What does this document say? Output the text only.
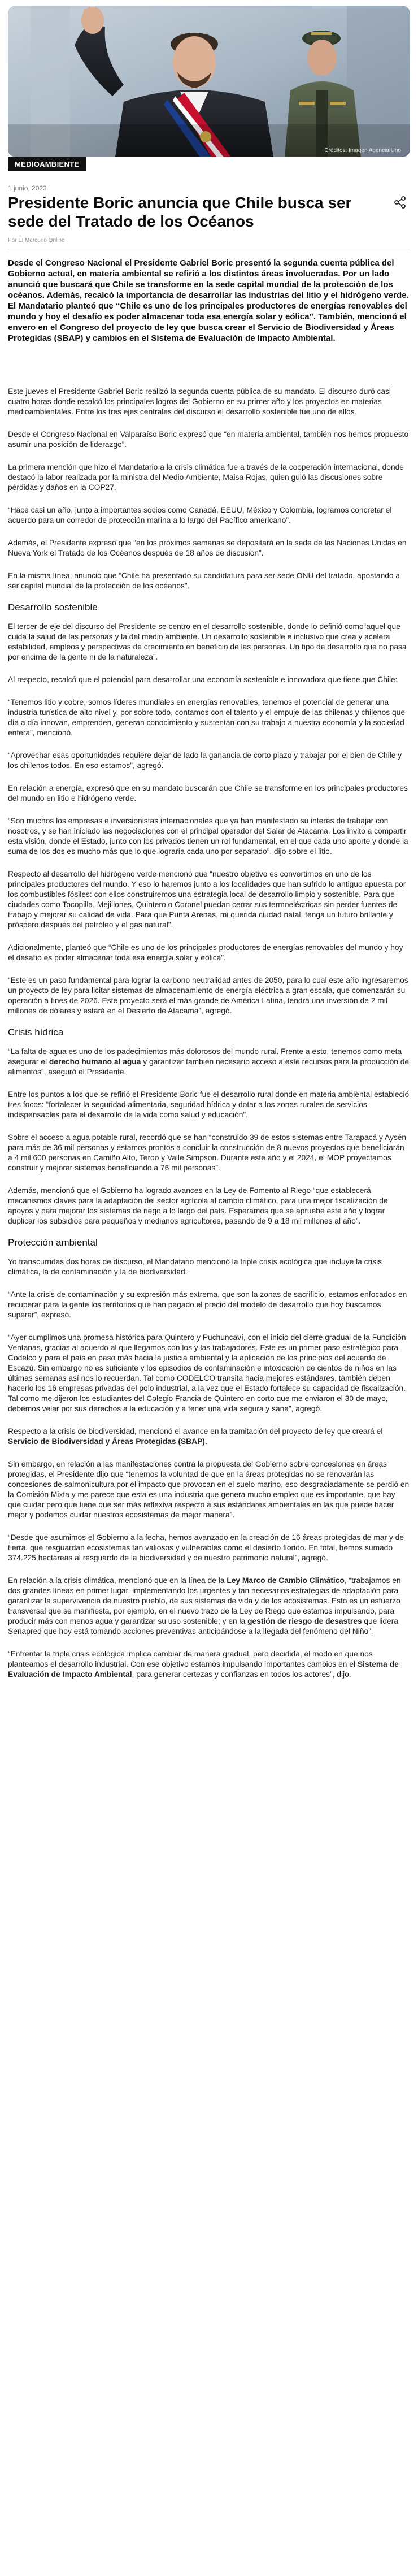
Créditos: Imagen Agencia Uno
MEDIOAMBIENTE
1 junio, 2023
Presidente Boric anuncia que Chile busca ser sede del Tratado de los Océanos
Por El Mercurio Online

Desde el Congreso Nacional el Presidente Gabriel Boric presentó la segunda cuenta pública del Gobierno actual, en materia ambiental se refirió a los distintos áreas involucradas. Por un lado anunció que buscará que Chile se transforme en la sede capital mundial de la protección de los océanos. Además, recalcó la importancia de desarrollar las industrias del litio y el hidrógeno verde. El Mandatario planteó que “Chile es uno de los principales productores de energías renovables del mundo y hoy el desafío es poder almacenar toda esa energía solar y eólica”. También, mencionó el envero en el Congreso del proyecto de ley que busca crear el Servicio de Biodiversidad y Áreas Protegidas (SBAP) y cambios en el Sistema de Evaluación de Impacto Ambiental.

Este jueves el Presidente Gabriel Boric realizó la segunda cuenta pública de su mandato. El discurso duró casi cuatro horas donde recalcó los principales logros del Gobierno en su primer año y los proyectos en materias medioambientales. Entre los tres ejes centrales del discurso el desarrollo sostenible fue uno de ellos.

Desde el Congreso Nacional en Valparaíso Boric expresó que “en materia ambiental, también nos hemos propuesto asumir una posición de liderazgo”.

La primera mención que hizo el Mandatario a la crisis climática fue a través de la cooperación internacional, donde destacó la labor realizada por la ministra del Medio Ambiente, Maisa Rojas, quien guió las discusiones sobre pérdidas y daños en la COP27.

“Hace casi un año, junto a importantes socios como Canadá, EEUU, México y Colombia, logramos concretar el acuerdo para un corredor de protección marina a lo largo del Pacífico americano”.

Además, el Presidente expresó que “en los próximos semanas se depositará en la sede de las Naciones Unidas en Nueva York el Tratado de los Océanos después de 18 años de discusión”.

En la misma línea, anunció que “Chile ha presentado su candidatura para ser sede ONU del tratado, apostando a ser capital mundial de la protección de los océanos”.

Desarrollo sostenible

El tercer de eje del discurso del Presidente se centro en el desarrollo sostenible, donde lo definió como“aquel que cuida la salud de las personas y la del medio ambiente. Un desarrollo sostenible e inclusivo que crea y acelera estabilidad, empleos y perspectivas de crecimiento en beneficio de las personas. Un tipo de desarrollo que no pasa por encima de la gente ni de la naturaleza”.

Al respecto, recalcó que el potencial para desarrollar una economía sostenible e innovadora que tiene que Chile:

“Tenemos litio y cobre, somos líderes mundiales en energías renovables, tenemos el potencial de generar una industria turística de alto nivel y, por sobre todo, contamos con el talento y el empuje de las chilenas y chilenos que día a día innovan, emprenden, generan conocimiento y sustentan con su trabajo a nuestra economía y la sociedad entera”, mencionó.

“Aprovechar esas oportunidades requiere dejar de lado la ganancia de corto plazo y trabajar por el bien de Chile y los chilenos todos. En eso estamos”, agregó.

En relación a energía, expresó que en su mandato buscarán que Chile se transforme en los principales productores del mundo en litio e hidrógeno verde.

“Son muchos los empresas e inversionistas internacionales que ya han manifestado su interés de trabajar con nosotros, y se han iniciado las negociaciones con el principal operador del Salar de Atacama. Los invito a compartir esta visión, donde el Estado, junto con los privados tienen un rol fundamental, en el que cada uno aporte y donde la suma de los dos es mucho más que lo que lograría cada uno por separado”, dijo sobre el litio.

Respecto al desarrollo del hidrógeno verde mencionó que “nuestro objetivo es convertirnos en uno de los principales productores del mundo. Y eso lo haremos junto a los localidades que han sufrido lo antiguo apuesta por los combustibles fósiles: con ellos construiremos una estrategia local de desarrollo limpio y sostenible. Para que ciudades como Tocopilla, Mejillones, Quintero o Coronel puedan cerrar sus termoeléctricas sin perder fuentes de trabajo y mejorar su calidad de vida. Para que Punta Arenas, mi querida ciudad natal, tenga un futuro brillante y próspero después del petróleo y el gas natural”.

Adicionalmente, planteó que “Chile es uno de los principales productores de energías renovables del mundo y hoy el desafío es poder almacenar toda esa energía solar y eólica”.

“Este es un paso fundamental para lograr la carbono neutralidad antes de 2050, para lo cual este año ingresaremos un proyecto de ley para licitar sistemas de almacenamiento de energía eléctrica a gran escala, que comenzarán su operación a fines de 2026. Este proyecto será el más grande de América Latina, tendrá una inversión de 2 mil millones de dólares y estará en el Desierto de Atacama”, agregó.

Crisis hídrica

“La falta de agua es uno de los padecimientos más dolorosos del mundo rural. Frente a esto, tenemos como meta asegurar el derecho humano al agua y garantizar también necesario acceso a este recursos para la producción de alimentos”, aseguró el Presidente.

Entre los puntos a los que se refirió el Presidente Boric fue el desarrollo rural donde en materia ambiental estableció tres focos: “fortalecer la seguridad alimentaria, seguridad hídrica y dotar a los zonas rurales de servicios indispensables para el desarrollo de la vida como salud y educación”.

Sobre el acceso a agua potable rural, recordó que se han “construido 39 de estos sistemas entre Tarapacá y Aysén para más de 36 mil personas y estamos prontos a concluir la construcción de 8 nuevos proyectos que beneficiarán a 4 mil 600 personas en Camiño Alto, Teroo y Valle Simpson. Durante este año y el 2024, el MOP proyectamos construir y mejorar sistemas beneficiando a 76 mil personas”.

Además, mencionó que el Gobierno ha logrado avances en la Ley de Fomento al Riego “que establecerá mecanismos claves para la adaptación del sector agrícola al cambio climático, para una mejor fiscalización de apoyos y para mejorar los sistemas de riego a lo largo del país. Esperamos que se apruebe este año y lograr duplicar los subsidios para pequeños y medianos agricultores, pasando de 9 a 18 mil millones al año”.

Protección ambiental

Yo transcurridas dos horas de discurso, el Mandatario mencionó la triple crisis ecológica que incluye la crisis climática, la de contaminación y la de biodiversidad.

“Ante la crisis de contaminación y su expresión más extrema, que son la zonas de sacrificio, estamos enfocados en recuperar para la gente los territorios que han pagado el precio del modelo de desarrollo que hoy buscamos superar”, expresó.

“Ayer cumplimos una promesa histórica para Quintero y Puchuncaví, con el inicio del cierre gradual de la Fundición Ventanas, gracias al acuerdo al que llegamos con los y las trabajadores. Este es un primer paso estratégico para Codelco y para el país en paso más hacia la justicia ambiental y la aplicación de los principios del acuerdo de Escazú. Sin embargo no es suficiente y los episodios de contaminación e intoxicación de cientos de niños en las últimas semanas así nos lo recuerdan. Tal como CODELCO transita hacia mejores estándares, también deben hacerlo los 16 empresas privadas del polo industrial, a la vez que el Estado fortalece su capacidad de fiscalización. Tal como me dijeron los estudiantes del Colegio Francia de Quintero en corto que me enviaron el 30 de mayo, debemos velar por sus derechos a la educación y a tener una vida segura y sana”, agregó.

Respecto a la crisis de biodiversidad, mencionó el avance en la tramitación del proyecto de ley que creará el Servicio de Biodiversidad y Áreas Protegidas (SBAP).

Sin embargo, en relación a las manifestaciones contra la propuesta del Gobierno sobre concesiones en áreas protegidas, el Presidente dijo que “tenemos la voluntad de que en la áreas protegidas no se renovarán las concesiones de salmonicultura por el impacto que provocan en el suelo marino, eso desgraciadamente se perdió en la Comisión Mixta y me parece que esta es una industria que genera mucho empleo que es importante, que hay que cuidar pero que tiene que ser más reflexiva respecto a sus estándares ambientales en las que puede hacer mejor y podemos cuidar nuestros ecosistemas de mejor manera”.

“Desde que asumimos el Gobierno a la fecha, hemos avanzado en la creación de 16 áreas protegidas de mar y de tierra, que resguardan ecosistemas tan valiosos y vulnerables como el desierto florido. En total, hemos sumado 374.225 hectáreas al resguardo de la biodiversidad y de nuestro patrimonio natural”, agregó.

En relación a la crisis climática, mencionó que en la línea de la Ley Marco de Cambio Climático, “trabajamos en dos grandes líneas en primer lugar, implementando los urgentes y tan necesarios estrategias de adaptación para garantizar la supervivencia de nuestro pueblo, de sus sistemas de vida y de los ecosistemas. Esto es un esfuerzo transversal que se manifiesta, por ejemplo, en el nuevo trazo de la Ley de Riego que estamos impulsando, para producir más con menos agua y garantizar su uso sostenible; y en la gestión de riesgo de desastres que lidera Senapred que hoy está tomando acciones preventivas anticipándose a la llegada del fenómeno del Niño”.

“Enfrentar la triple crisis ecológica implica cambiar de manera gradual, pero decidida, el modo en que nos planteamos el desarrollo industrial. Con ese objetivo estamos impulsando importantes cambios en el Sistema de Evaluación de Impacto Ambiental, para generar certezas y confianzas en todos los actores”, dijo.
